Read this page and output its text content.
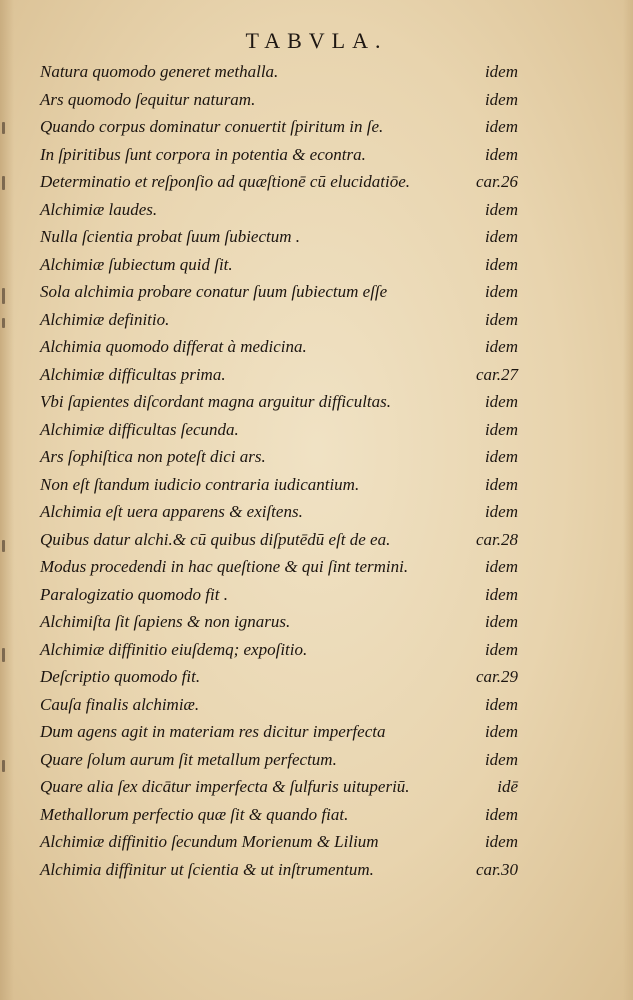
TABVLA.
Natura quomodo generet methalla.	idem
Ars quomodo ſequitur naturam.	idem
Quando corpus dominatur conuertit ſpiritum in ſe.	idem
In ſpiritibus ſunt corpora in potentia & econtra.	idem
Determinatio et reſponſio ad quæſtionē cū elucidatiōe.	car.26
Alchimiæ laudes.	idem
Nulla ſcientia probat ſuum ſubiectum .	idem
Alchimiæ ſubiectum quid ſit.	idem
Sola alchimia probare conatur ſuum ſubiectum eſſe	idem
Alchimiæ definitio.	idem
Alchimia quomodo differat à medicina.	idem
Alchimiæ difficultas prima.	car.27
Vbi ſapientes diſcordant magna arguitur difficultas.	idem
Alchimiæ difficultas ſecunda.	idem
Ars ſophiſtica non poteſt dici ars.	idem
Non eſt ſtandum iudicio contraria iudicantium.	idem
Alchimia eſt uera apparens & exiſtens.	idem
Quibus datur alchi.& cū quibus diſputēdū eſt de ea.	car.28
Modus procedendi in hac queſtione & qui ſint termini.	idem
Paralogizatio quomodo fit .	idem
Alchimiſta ſit ſapiens & non ignarus.	idem
Alchimiæ diffinitio eiuſdemq; expoſitio.	idem
Deſcriptio quomodo fit.	car.29
Cauſa finalis alchimiæ.	idem
Dum agens agit in materiam res dicitur imperfecta	idem
Quare ſolum aurum ſit metallum perfectum.	idem
Quare alia ſex dicātur imperfecta & ſulfuris uituperiū.	idē
Methallorum perfectio quæ ſit & quando fiat.	idem
Alchimiæ diffinitio ſecundum Morienum & Lilium	idem
Alchimia diffinitur ut ſcientia & ut inſtrumentum.	car.30
